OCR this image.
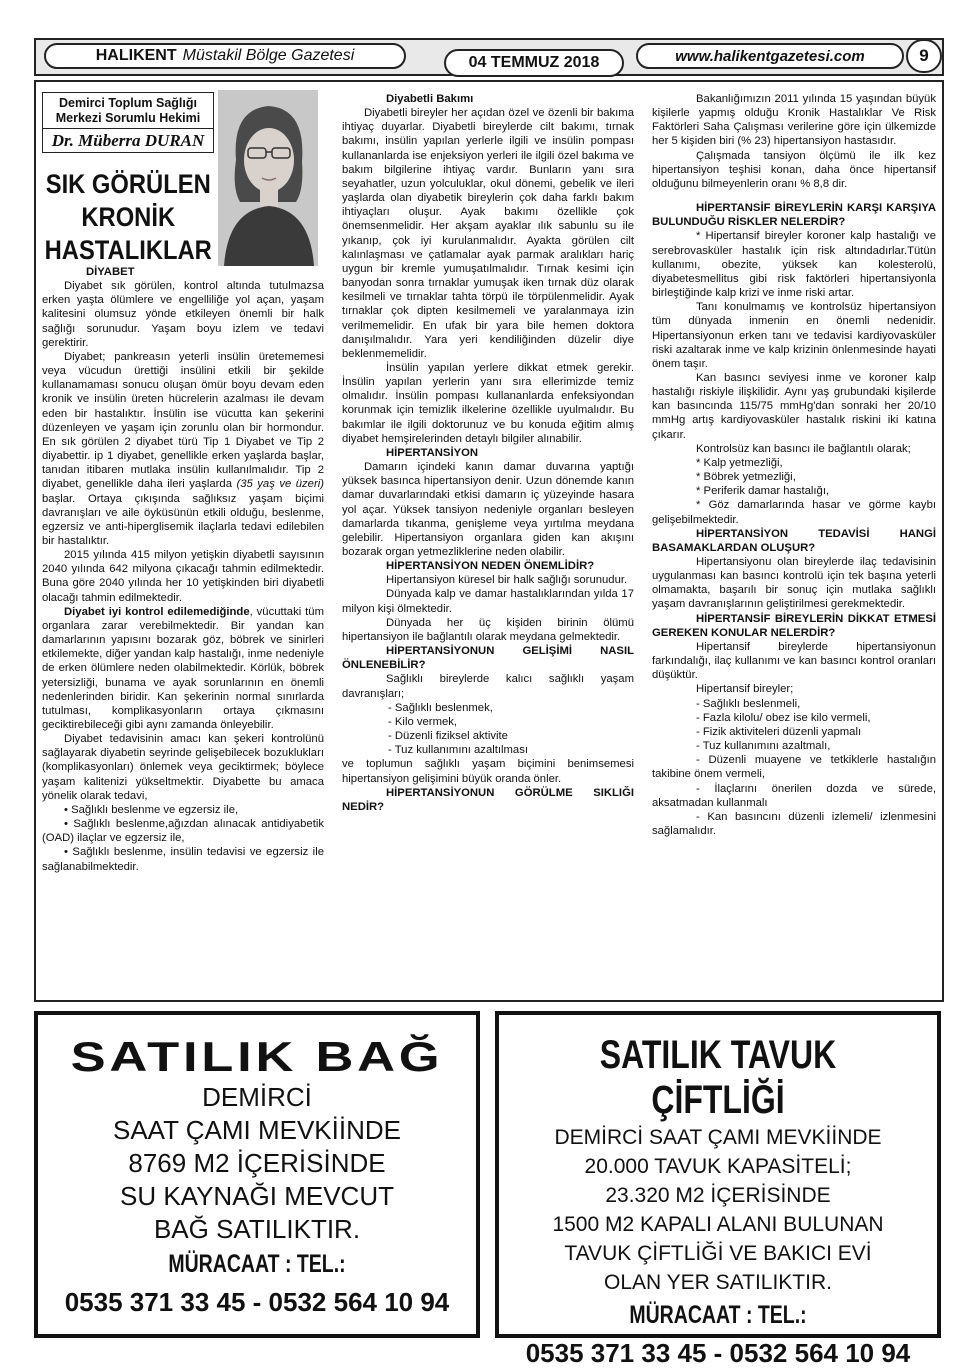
HALIKENT Müstakil Bölge Gazetesi	04 TEMMUZ 2018	www.halikentgazetesi.com	9
Demirci Toplum Sağlığı
Merkezi Sorumlu Hekimi
Dr. Müberra DURAN
SIK GÖRÜLEN
KRONİK
HASTALIKLAR

DİYABET

Diyabet sık görülen, kontrol altında tutulmazsa erken yaşta ölümlere ve engelliliğe yol açan, yaşam kalitesini olumsuz yönde etkileyen önemli bir halk sağlığı sorunudur. Yaşam boyu izlem ve tedavi gerektirir.

Diyabet; pankreasın yeterli insülin üretememesi veya vücudun ürettiği insülini etkili bir şekilde kullanamaması sonucu oluşan ömür boyu devam eden kronik ve insülin üreten hücrelerin azalması ile devam eden bir hastalıktır. İnsülin ise vücutta kan şekerini düzenleyen ve yaşam için zorunlu olan bir hormondur. En sık görülen 2 diyabet türü Tip 1 Diyabet ve Tip 2 diyabettir. ip 1 diyabet, genellikle erken yaşlarda başlar, tanıdan itibaren mutlaka insülin kullanılmalıdır. Tip 2 diyabet, genellikle daha ileri yaşlarda (35 yaş ve üzeri) başlar. Ortaya çıkışında sağlıksız yaşam biçimi davranışları ve aile öyküsünün etkili olduğu, beslenme, egzersiz ve anti-hiperglisemik ilaçlarla tedavi edilebilen bir hastalıktır.

2015 yılında 415 milyon yetişkin diyabetli sayısının 2040 yılında 642 milyona çıkacağı tahmin edilmektedir. Buna göre 2040 yılında her 10 yetişkinden biri diyabetli olacağı tahmin edilmektedir.

Diyabet iyi kontrol edilemediğinde, vücuttaki tüm organlara zarar verebilmektedir. Bir yandan kan damarlarının yapısını bozarak göz, böbrek ve sinirleri etkilemekte, diğer yandan kalp hastalığı, inme nedeniyle de erken ölümlere neden olabilmektedir. Körlük, böbrek yetersizliği, bunama ve ayak sorunlarının en önemli nedenlerinden biridir. Kan şekerinin normal sınırlarda tutulması, komplikasyonların ortaya çıkmasını geciktirebileceği gibi aynı zamanda önleyebilir.

Diyabet tedavisinin amacı kan şekeri kontrolünü sağlayarak diyabetin seyrinde gelişebilecek bozuklukları (komplikasyonları) önlemek veya geciktirmek; böylece yaşam kalitenizi yükseltmektir. Diyabette bu amaca yönelik olarak tedavi,

• Sağlıklı beslenme ve egzersiz ile,

• Sağlıklı beslenme,ağızdan alınacak antidiyabetik (OAD) ilaçlar ve egzersiz ile,

• Sağlıklı beslenme, insülin tedavisi ve egzersiz ile sağlanabilmektedir.

Diyabetli Bakımı

Diyabetli bireyler her açıdan özel ve özenli bir bakıma ihtiyaç duyarlar. Diyabetli bireylerde cilt bakımı, tırnak bakımı, insülin yapılan yerlerle ilgili ve insülin pompası kullananlarda ise enjeksiyon yerleri ile ilgili özel bakıma ve bakım bilgilerine ihtiyaç vardır. Bunların yanı sıra seyahatler, uzun yolculuklar, okul dönemi, gebelik ve ileri yaşlarda olan diyabetik bireylerin çok daha farklı bakım ihtiyaçları oluşur. Ayak bakımı özellikle çok önemsenmelidir. Her akşam ayaklar ılık sabunlu su ile yıkanıp, çok iyi kurulanmalıdır. Ayakta görülen cilt kalınlaşması ve çatlamalar ayak parmak aralıkları hariç uygun bir kremle yumuşatılmalıdır. Tırnak kesimi için banyodan sonra tırnaklar yumuşak iken tırnak düz olarak kesilmeli ve tırnaklar tahta törpü ile törpülenmelidir. Ayak tırnaklar çok dipten kesilmemeli ve yaralanmaya izin verilmemelidir. En ufak bir yara bile hemen doktora danışılmalıdır. Yara yeri kendiliğinden düzelir diye beklenmemelidir.

İnsülin yapılan yerlere dikkat etmek gerekir. İnsülin yapılan yerlerin yanı sıra ellerimizde temiz olmalıdır. İnsülin pompası kullananlarda enfeksiyondan korunmak için temizlik ilkelerine özellikle uyulmalıdır. Bu bakımlar ile ilgili doktorunuz ve bu konuda eğitim almış diyabet hemşirelerinden detaylı bilgiler alınabilir.

HİPERTANSİYON

Damarın içindeki kanın damar duvarına yaptığı yüksek basınca hipertansiyon denir. Uzun dönemde kanın damar duvarlarındaki etkisi damarın iç yüzeyinde hasara yol açar. Yüksek tansiyon nedeniyle organları besleyen damarlarda tıkanma, genişleme veya yırtılma meydana gelebilir. Hipertansiyon organlara giden kan akışını bozarak organ yetmezliklerine neden olabilir.

HİPERTANSİYON NEDEN ÖNEMLİDİR?

Hipertansiyon küresel bir halk sağlığı sorunudur.

Dünyada kalp ve damar hastalıklarından yılda 17 milyon kişi ölmektedir.

Dünyada her üç kişiden birinin ölümü hipertansiyon ile bağlantılı olarak meydana gelmektedir.

HİPERTANSİYONUN GELİŞİMİ NASIL ÖNLENEBİLİR?

Sağlıklı bireylerde kalıcı sağlıklı yaşam davranışları;

- Sağlıklı beslenmek,

- Kilo vermek,

- Düzenli fiziksel aktivite

- Tuz kullanımını azaltılması

ve toplumun sağlıklı yaşam biçimini benimsemesi hipertansiyon gelişimini büyük oranda önler.

HİPERTANSİYONUN GÖRÜLME SIKLIĞI NEDİR?

Bakanlığımızın 2011 yılında 15 yaşından büyük kişilerle yapmış olduğu Kronik Hastalıklar Ve Risk Faktörleri Saha Çalışması verilerine göre için ülkemizde her 5 kişiden biri (% 23) hipertansiyon hastasıdır.

Çalışmada tansiyon ölçümü ile ilk kez hipertansiyon teşhisi konan, daha önce hipertansif olduğunu bilmeyenlerin oranı % 8,8 dir.

HİPERTANSİF BİREYLERİN KARŞI KARŞIYA BULUNDUĞU RİSKLER NELERDİR?

* Hipertansif bireyler koroner kalp hastalığı ve serebrovasküler hastalık için risk altındadırlar.Tütün kullanımı, obezite, yüksek kan kolesterolü, diyabetesmellitus gibi risk faktörleri hipertansiyonla birleştiğinde kalp krizi ve inme riski artar.

Tanı konulmamış ve kontrolsüz hipertansiyon tüm dünyada inmenin en önemli nedenidir. Hipertansiyonun erken tanı ve tedavisi kardiyovasküler riski azaltarak inme ve kalp krizinin önlenmesinde hayati önem taşır.

Kan basıncı seviyesi inme ve koroner kalp hastalığı riskiyle ilişkilidir. Aynı yaş grubundaki kişilerde kan basıncında 115/75 mmHg'dan sonraki her 20/10 mmHg artış kardiyovasküler hastalık riskini iki katına çıkarır.

Kontrolsüz kan basıncı ile bağlantılı olarak;

* Kalp yetmezliği,

* Böbrek yetmezliği,

* Periferik damar hastalığı,

* Göz damarlarında hasar ve görme kaybı gelişebilmektedir.

HİPERTANSİYON TEDAVİSİ HANGİ BASAMAKLARDAN OLUŞUR?

Hipertansiyonu olan bireylerde ilaç tedavisinin uygulanması kan basıncı kontrolü için tek başına yeterli olmamakta, başarılı bir sonuç için mutlaka sağlıklı yaşam davranışlarının geliştirilmesi gerekmektedir.

HİPERTANSİF BİREYLERİN DİKKAT ETMESİ GEREKEN KONULAR NELERDİR?

Hipertansif bireylerde hipertansiyonun farkındalığı, ilaç kullanımı ve kan basıncı kontrol oranları düşüktür.

Hipertansif bireyler;

- Sağlıklı beslenmeli,

- Fazla kilolu/ obez ise kilo vermeli,

- Fizik aktiviteleri düzenli yapmalı

- Tuz kullanımını azaltmalı,

- Düzenli muayene ve tetkiklerle hastalığın takibine önem vermeli,

- İlaçlarını önerilen dozda ve sürede, aksatmadan kullanmalı

- Kan basıncını düzenli izlemeli/ izlenmesini sağlamalıdır.

SATILIK BAĞ
DEMİRCİ
SAAT ÇAMI MEVKİİNDE
8769 M2 İÇERİSİNDE
SU KAYNAĞI MEVCUT
BAĞ SATILIKTIR.
MÜRACAAT : TEL.:
0535 371 33 45 - 0532 564 10 94
SATILIK TAVUK ÇİFTLİĞİ
DEMİRCİ SAAT ÇAMI MEVKİİNDE
20.000 TAVUK KAPASİTELİ;
23.320 M2 İÇERİSİNDE
1500 M2 KAPALI ALANI BULUNAN
TAVUK ÇİFTLİĞİ VE BAKICI EVİ
OLAN YER SATILIKTIR.
MÜRACAAT : TEL.:
0535 371 33 45 - 0532 564 10 94
